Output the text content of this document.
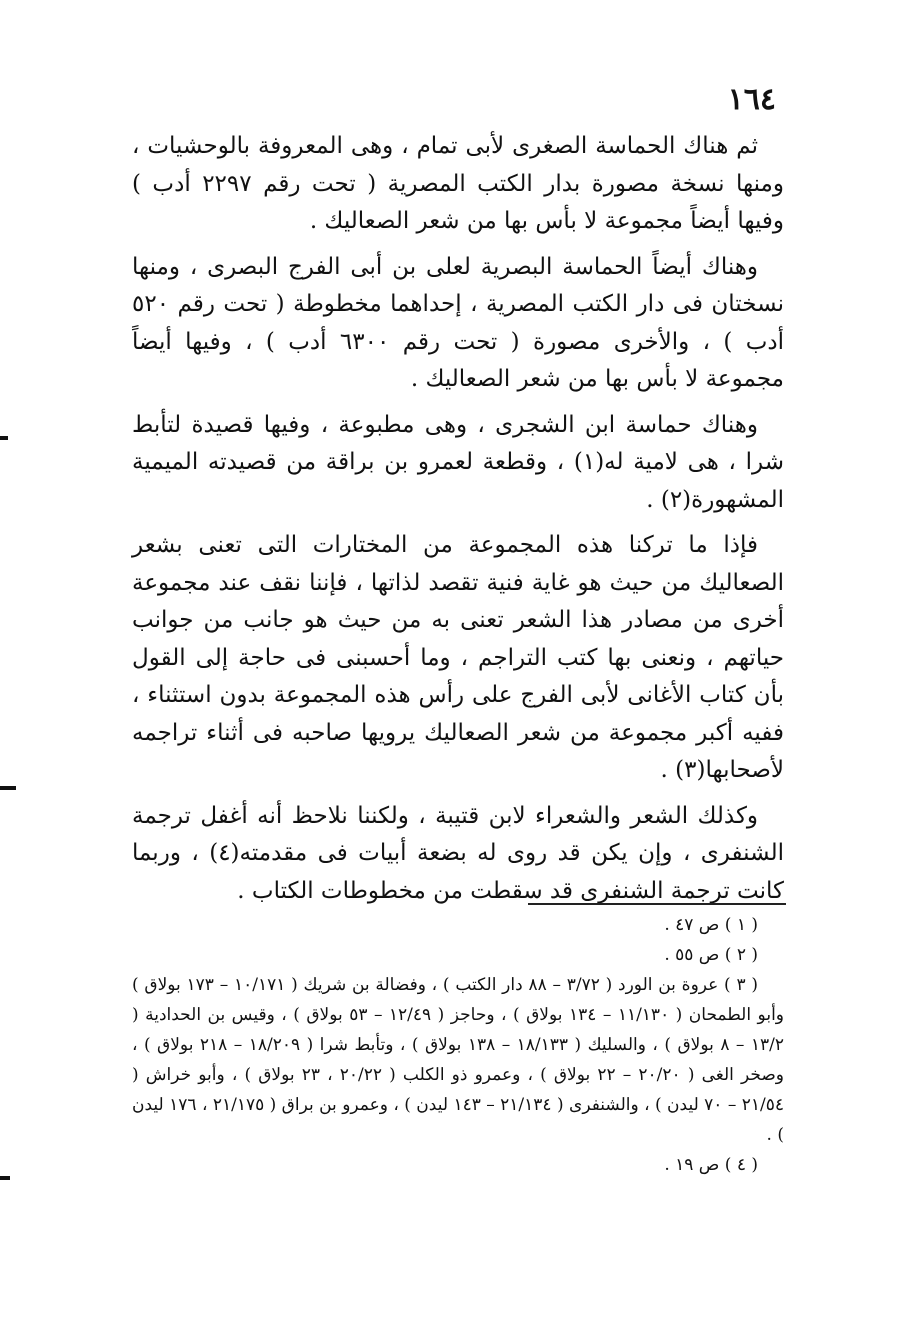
١٦٤

ثم هناك الحماسة الصغرى لأبى تمام ، وهى المعروفة بالوحشيات ، ومنها نسخة مصورة بدار الكتب المصرية ( تحت رقم ٢٢٩٧ أدب ) وفيها أيضاً مجموعة لا بأس بها من شعر الصعاليك .

وهناك أيضاً الحماسة البصرية لعلى بن أبى الفرج البصرى ، ومنها نسختان فى دار الكتب المصرية ، إحداهما مخطوطة ( تحت رقم ٥٢٠ أدب ) ، والأخرى مصورة ( تحت رقم ٦٣٠٠ أدب ) ، وفيها أيضاً مجموعة لا بأس بها من شعر الصعاليك .

وهناك حماسة ابن الشجرى ، وهى مطبوعة ، وفيها قصيدة لتأبط شرا ، هى لامية له(١) ، وقطعة لعمرو بن براقة من قصيدته الميمية المشهورة(٢) .

فإذا ما تركنا هذه المجموعة من المختارات التى تعنى بشعر الصعاليك من حيث هو غاية فنية تقصد لذاتها ، فإننا نقف عند مجموعة أخرى من مصادر هذا الشعر تعنى به من حيث هو جانب من جوانب حياتهم ، ونعنى بها كتب التراجم ، وما أحسبنى فى حاجة إلى القول بأن كتاب الأغانى لأبى الفرج على رأس هذه المجموعة بدون استثناء ، ففيه أكبر مجموعة من شعر الصعاليك يرويها صاحبه فى أثناء تراجمه لأصحابها(٣) .

وكذلك الشعر والشعراء لابن قتيبة ، ولكننا نلاحظ أنه أغفل ترجمة الشنفرى ، وإن يكن قد روى له بضعة أبيات فى مقدمته(٤) ، وربما كانت ترجمة الشنفرى قد سقطت من مخطوطات الكتاب .

( ١ ) ص ٤٧ .

( ٢ ) ص ٥٥ .

( ٣ ) عروة بن الورد ( ٣/٧٢ – ٨٨ دار الكتب ) ، وفضالة بن شريك ( ١٠/١٧١ – ١٧٣ بولاق ) وأبو الطمحان ( ١١/١٣٠ – ١٣٤ بولاق ) ، وحاجز ( ١٢/٤٩ – ٥٣ بولاق ) ، وقيس بن الحدادية ( ١٣/٢ – ٨ بولاق ) ، والسليك ( ١٨/١٣٣ – ١٣٨ بولاق ) ، وتأبط شرا ( ١٨/٢٠٩ – ٢١٨ بولاق ) ، وصخر الغى ( ٢٠/٢٠ – ٢٢ بولاق ) ، وعمرو ذو الكلب ( ٢٠/٢٢ ، ٢٣ بولاق ) ، وأبو خراش ( ٢١/٥٤ – ٧٠ ليدن ) ، والشنفرى ( ٢١/١٣٤ – ١٤٣ ليدن ) ، وعمرو بن براق ( ٢١/١٧٥ ، ١٧٦ ليدن ) .

( ٤ ) ص ١٩ .
